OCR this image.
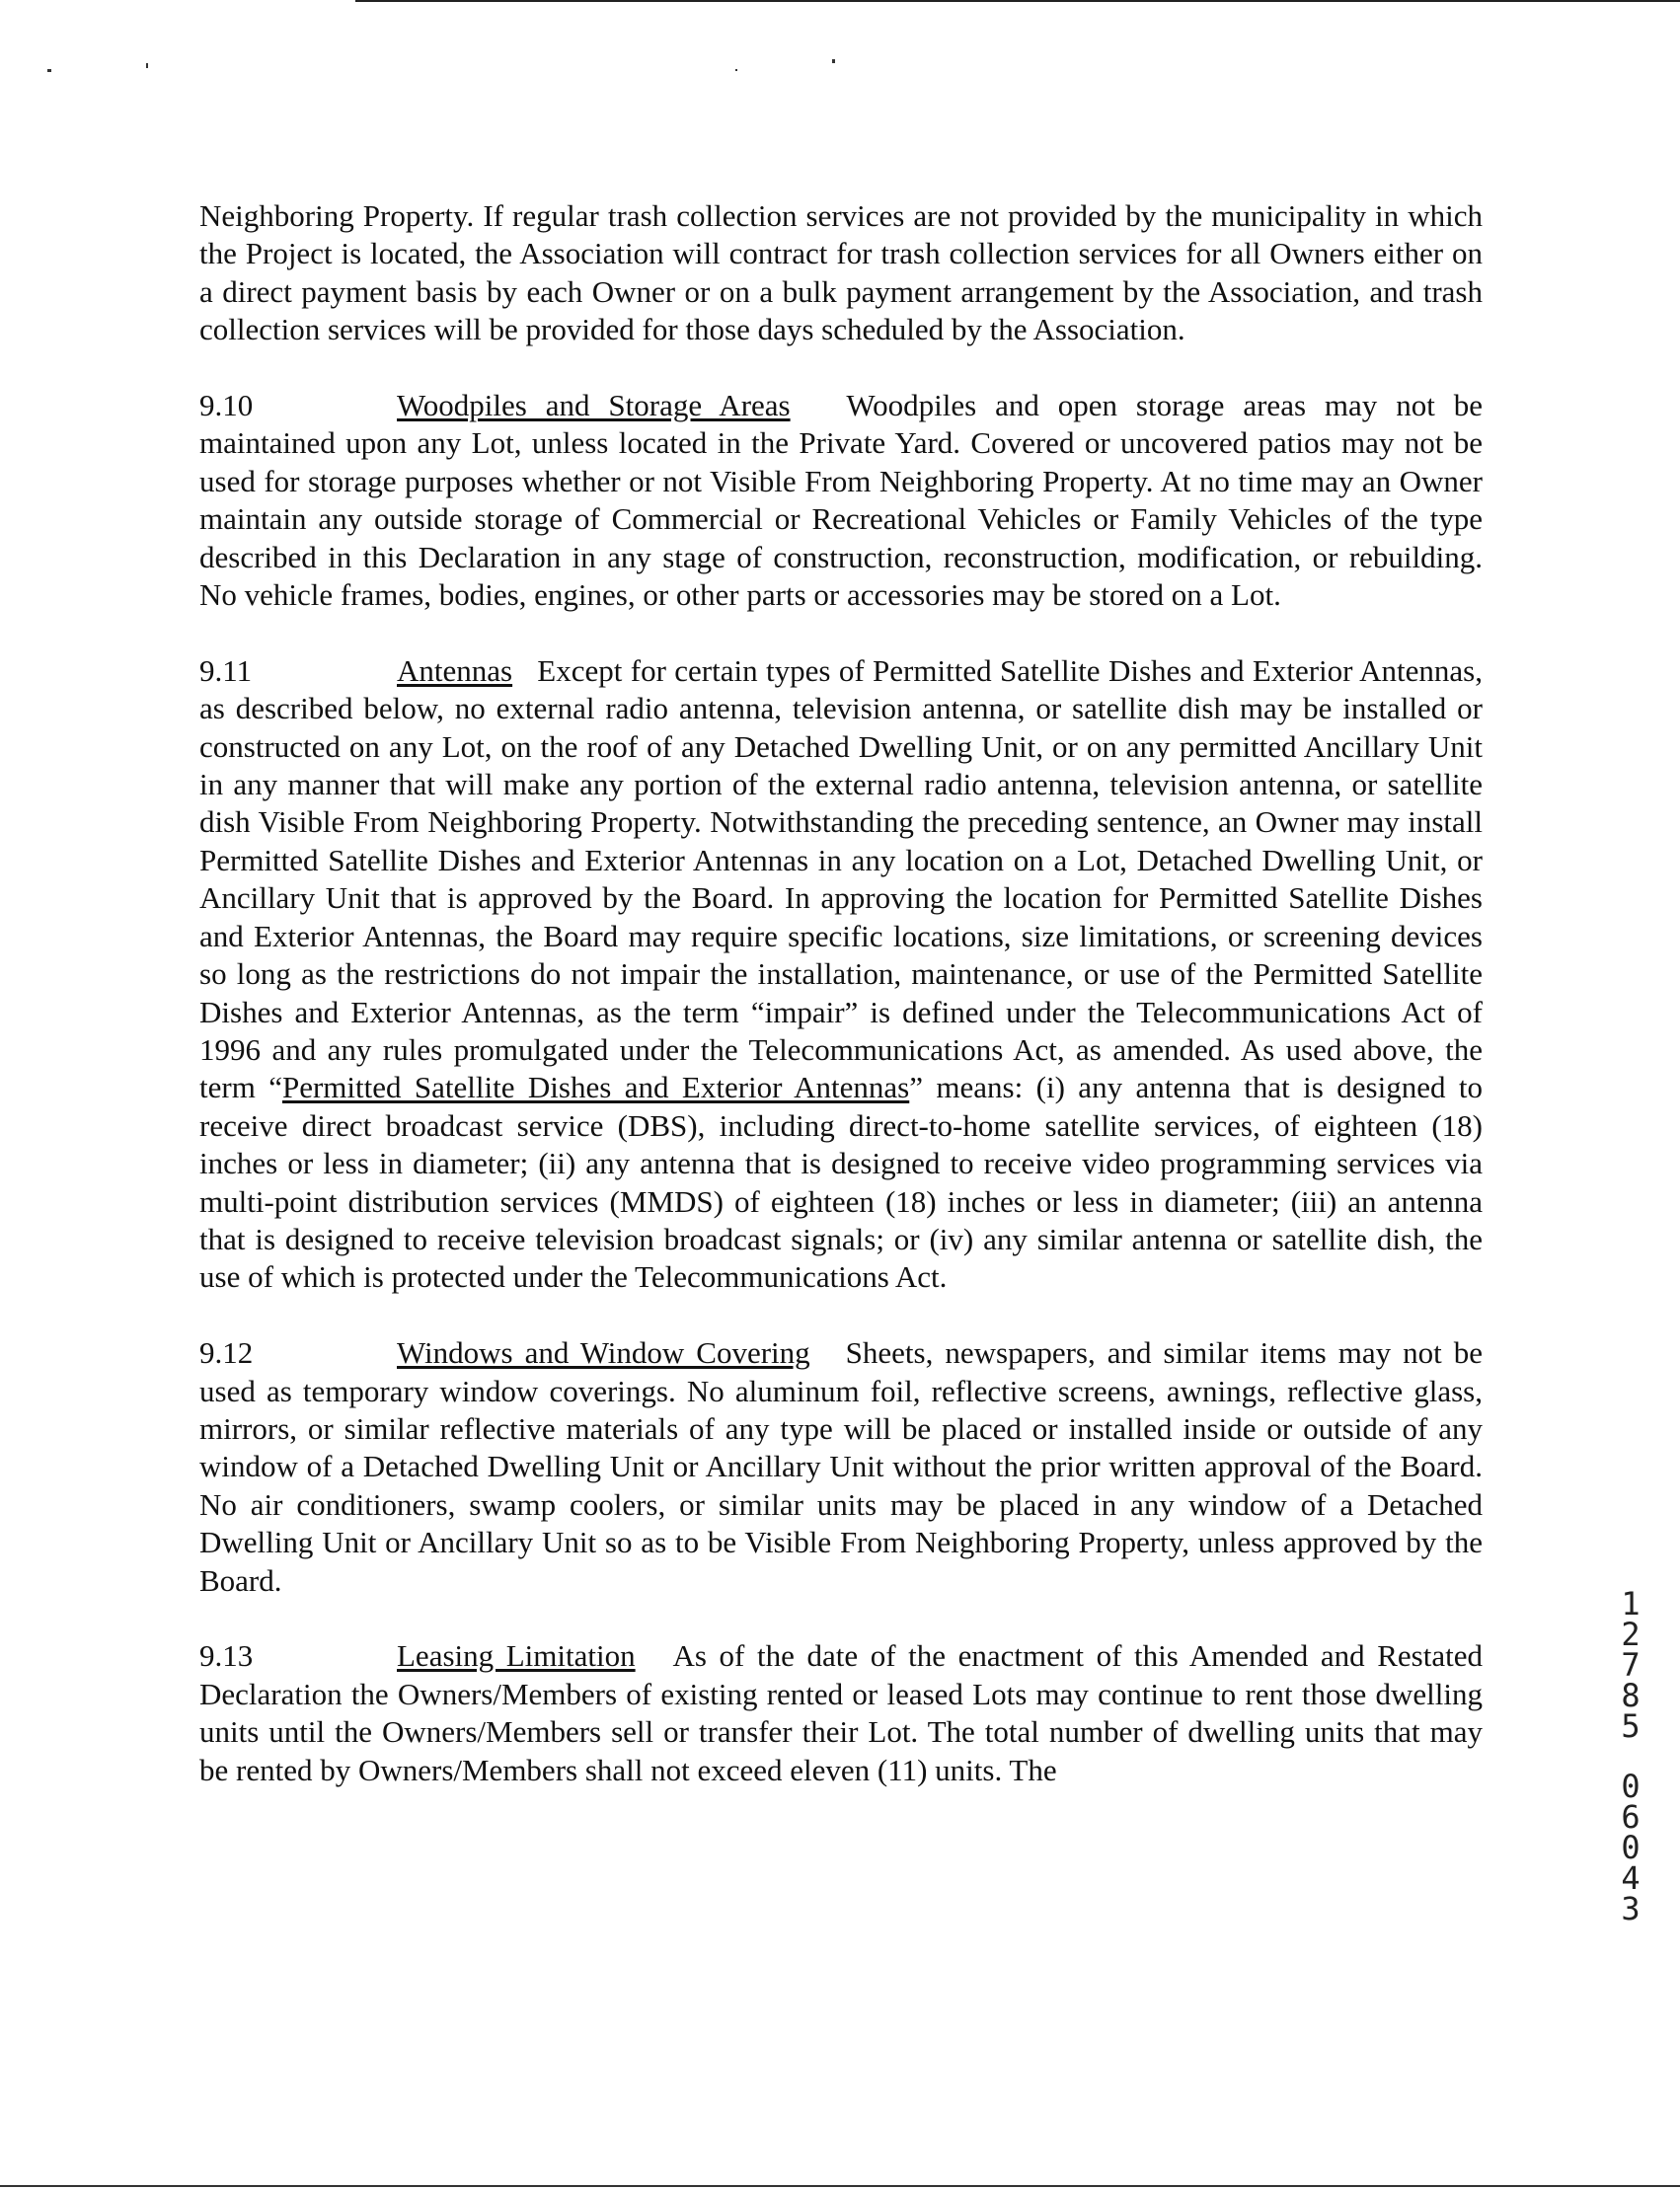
Neighboring Property. If regular trash collection services are not provided by the municipality in which the Project is located, the Association will contract for trash collection services for all Owners either on a direct payment basis by each Owner or on a bulk payment arrangement by the Association, and trash collection services will be provided for those days scheduled by the Association.

9.10	Woodpiles and Storage Areas Woodpiles and open storage areas may not be maintained upon any Lot, unless located in the Private Yard. Covered or uncovered patios may not be used for storage purposes whether or not Visible From Neighboring Property. At no time may an Owner maintain any outside storage of Commercial or Recreational Vehicles or Family Vehicles of the type described in this Declaration in any stage of construction, reconstruction, modification, or rebuilding. No vehicle frames, bodies, engines, or other parts or accessories may be stored on a Lot.

9.11	Antennas Except for certain types of Permitted Satellite Dishes and Exterior Antennas, as described below, no external radio antenna, television antenna, or satellite dish may be installed or constructed on any Lot, on the roof of any Detached Dwelling Unit, or on any permitted Ancillary Unit in any manner that will make any portion of the external radio antenna, television antenna, or satellite dish Visible From Neighboring Property. Notwithstanding the preceding sentence, an Owner may install Permitted Satellite Dishes and Exterior Antennas in any location on a Lot, Detached Dwelling Unit, or Ancillary Unit that is approved by the Board. In approving the location for Permitted Satellite Dishes and Exterior Antennas, the Board may require specific locations, size limitations, or screening devices so long as the restrictions do not impair the installation, maintenance, or use of the Permitted Satellite Dishes and Exterior Antennas, as the term “impair” is defined under the Telecommunications Act of 1996 and any rules promulgated under the Telecommunications Act, as amended. As used above, the term “Permitted Satellite Dishes and Exterior Antennas” means: (i) any antenna that is designed to receive direct broadcast service (DBS), including direct-to-home satellite services, of eighteen (18) inches or less in diameter; (ii) any antenna that is designed to receive video programming services via multi-point distribution services (MMDS) of eighteen (18) inches or less in diameter; (iii) an antenna that is designed to receive television broadcast signals; or (iv) any similar antenna or satellite dish, the use of which is protected under the Telecommunications Act.

9.12	Windows and Window Covering Sheets, newspapers, and similar items may not be used as temporary window coverings. No aluminum foil, reflective screens, awnings, reflective glass, mirrors, or similar reflective materials of any type will be placed or installed inside or outside of any window of a Detached Dwelling Unit or Ancillary Unit without the prior written approval of the Board. No air conditioners, swamp coolers, or similar units may be placed in any window of a Detached Dwelling Unit or Ancillary Unit so as to be Visible From Neighboring Property, unless approved by the Board.

9.13	Leasing Limitation As of the date of the enactment of this Amended and Restated Declaration the Owners/Members of existing rented or leased Lots may continue to rent those dwelling units until the Owners/Members sell or transfer their Lot. The total number of dwelling units that may be rented by Owners/Members shall not exceed eleven (11) units. The

1
2
7
8
5
0
6
0
4
3
